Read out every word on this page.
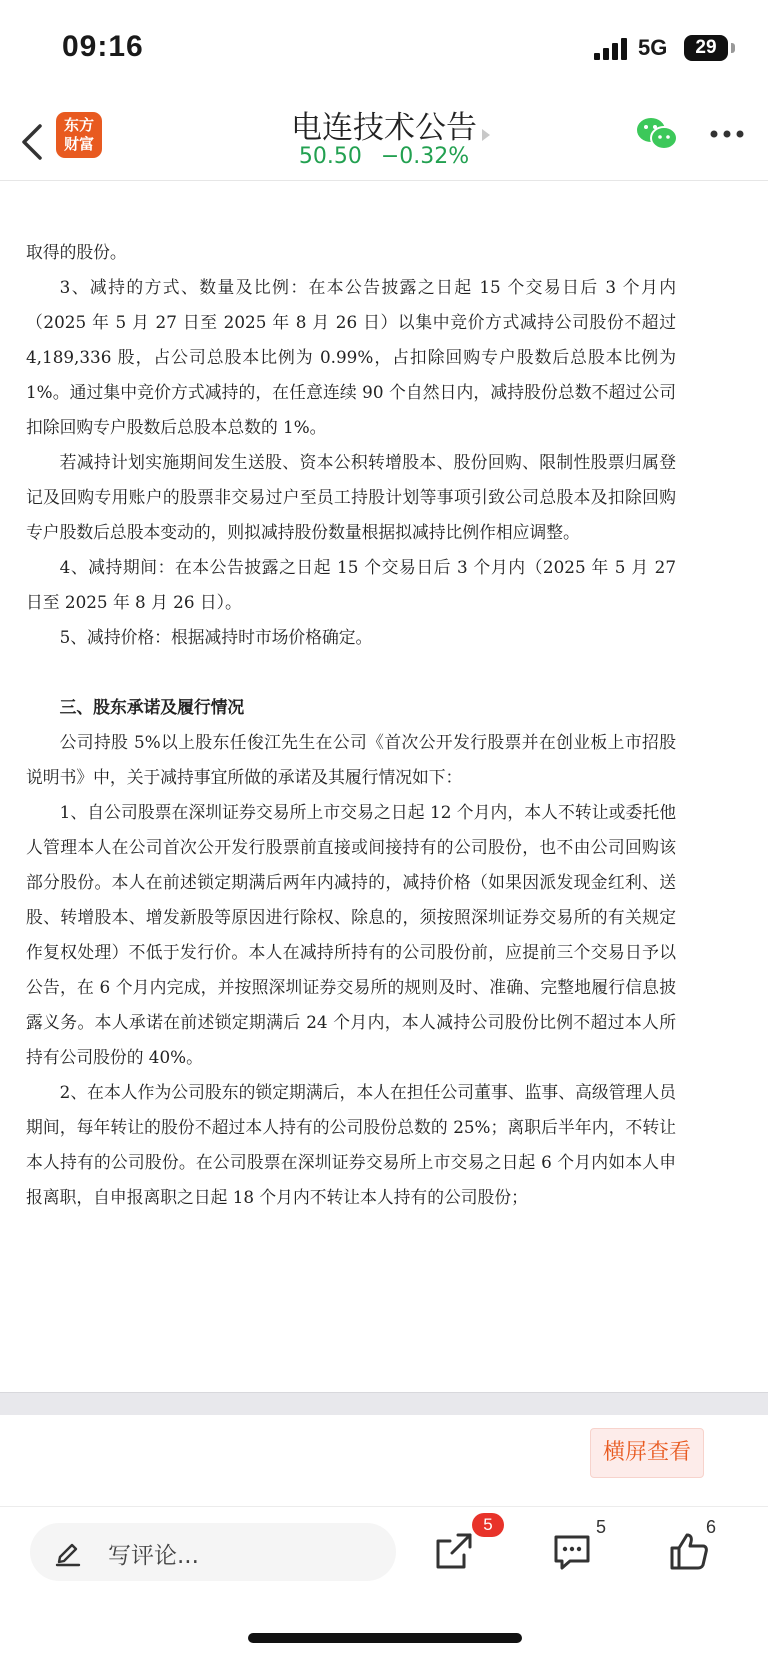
09:16	5G	29
东方
财富	电连技术公告
50.50 −0.32%

取得的股份。

3、减持的方式、数量及比例：在本公告披露之日起 15 个交易日后 3 个月内（2025 年 5 月 27 日至 2025 年 8 月 26 日）以集中竞价方式减持公司股份不超过 4,189,336 股，占公司总股本比例为 0.99%，占扣除回购专户股数后总股本比例为 1%。通过集中竞价方式减持的，在任意连续 90 个自然日内，减持股份总数不超过公司扣除回购专户股数后总股本总数的 1%。

若减持计划实施期间发生送股、资本公积转增股本、股份回购、限制性股票归属登记及回购专用账户的股票非交易过户至员工持股计划等事项引致公司总股本及扣除回购专户股数后总股本变动的，则拟减持股份数量根据拟减持比例作相应调整。

4、减持期间：在本公告披露之日起 15 个交易日后 3 个月内（2025 年 5 月 27 日至 2025 年 8 月 26 日）。

5、减持价格：根据减持时市场价格确定。

三、股东承诺及履行情况

公司持股 5%以上股东任俊江先生在公司《首次公开发行股票并在创业板上市招股说明书》中，关于减持事宜所做的承诺及其履行情况如下：

1、自公司股票在深圳证券交易所上市交易之日起 12 个月内，本人不转让或委托他人管理本人在公司首次公开发行股票前直接或间接持有的公司股份，也不由公司回购该部分股份。本人在前述锁定期满后两年内减持的，减持价格（如果因派发现金红利、送股、转增股本、增发新股等原因进行除权、除息的，须按照深圳证券交易所的有关规定作复权处理）不低于发行价。本人在减持所持有的公司股份前，应提前三个交易日予以公告，在 6 个月内完成，并按照深圳证券交易所的规则及时、准确、完整地履行信息披露义务。本人承诺在前述锁定期满后 24 个月内，本人减持公司股份比例不超过本人所持有公司股份的 40%。

2、在本人作为公司股东的锁定期满后，本人在担任公司董事、监事、高级管理人员期间，每年转让的股份不超过本人持有的公司股份总数的 25%；离职后半年内，不转让本人持有的公司股份。在公司股票在深圳证券交易所上市交易之日起 6 个月内如本人申报离职，自申报离职之日起 18 个月内不转让本人持有的公司股份；

横屏查看
写评论...
5	5	6
